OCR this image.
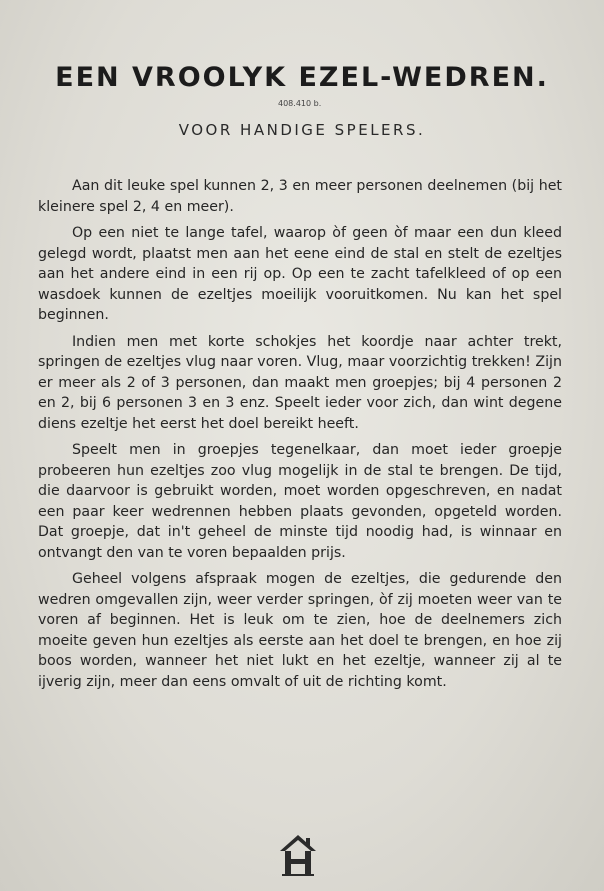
EEN VROOLYK EZEL-WEDREN.
408.410 b.
VOOR HANDIGE SPELERS.

Aan dit leuke spel kunnen 2, 3 en meer personen deelnemen (bij het kleinere spel 2, 4 en meer).

Op een niet te lange tafel, waarop òf geen òf maar een dun kleed gelegd wordt, plaatst men aan het eene eind de stal en stelt de ezeltjes aan het andere eind in een rij op. Op een te zacht tafelkleed of op een wasdoek kunnen de ezeltjes moeilijk vooruitkomen. Nu kan het spel beginnen.

Indien men met korte schokjes het koordje naar achter trekt, springen de ezeltjes vlug naar voren. Vlug, maar voorzichtig trekken! Zijn er meer als 2 of 3 personen, dan maakt men groepjes; bij 4 personen 2 en 2, bij 6 personen 3 en 3 enz. Speelt ieder voor zich, dan wint degene diens ezeltje het eerst het doel bereikt heeft.

Speelt men in groepjes tegenelkaar, dan moet ieder groepje probeeren hun ezeltjes zoo vlug mogelijk in de stal te brengen. De tijd, die daarvoor is gebruikt worden, moet worden opgeschreven, en nadat een paar keer wedrennen hebben plaats gevonden, opgeteld worden. Dat groepje, dat in't geheel de minste tijd noodig had, is winnaar en ontvangt den van te voren bepaalden prijs.

Geheel volgens afspraak mogen de ezeltjes, die gedurende den wedren omgevallen zijn, weer verder springen, òf zij moeten weer van te voren af beginnen. Het is leuk om te zien, hoe de deelnemers zich moeite geven hun ezeltjes als eerste aan het doel te brengen, en hoe zij boos worden, wanneer het niet lukt en het ezeltje, wanneer zij al te ijverig zijn, meer dan eens omvalt of uit de richting komt.
